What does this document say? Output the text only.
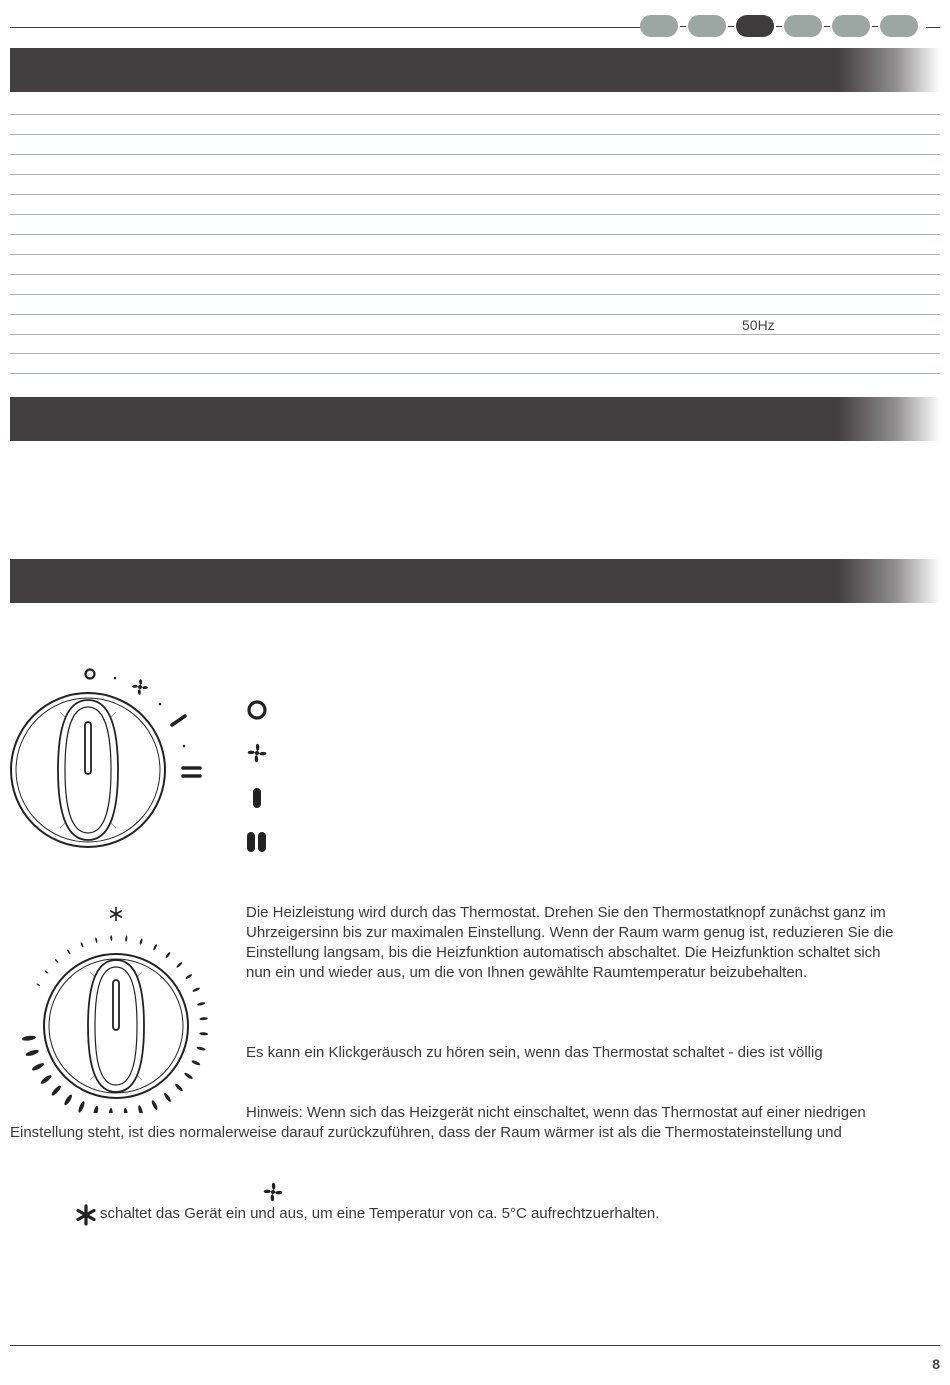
50Hz
Die Heizleistung wird durch das Thermostat. Drehen Sie den Thermostatknopf zunächst ganz im Uhrzeigersinn bis zur maximalen Einstellung. Wenn der Raum warm genug ist, reduzieren Sie die Einstellung langsam, bis die Heizfunktion automatisch abschaltet. Die Heizfunktion schaltet sich nun ein und wieder aus, um die von Ihnen gewählte Raumtemperatur beizubehalten.
Es kann ein Klickgeräusch zu hören sein, wenn das Thermostat schaltet - dies ist völlig
Hinweis: Wenn sich das Heizgerät nicht einschaltet, wenn das Thermostat auf einer niedrigen
Einstellung steht, ist dies normalerweise darauf zurückzuführen, dass der Raum wärmer ist als die Thermostateinstellung und
schaltet das Gerät ein und aus, um eine Temperatur von ca. 5°C aufrechtzuerhalten.
8
